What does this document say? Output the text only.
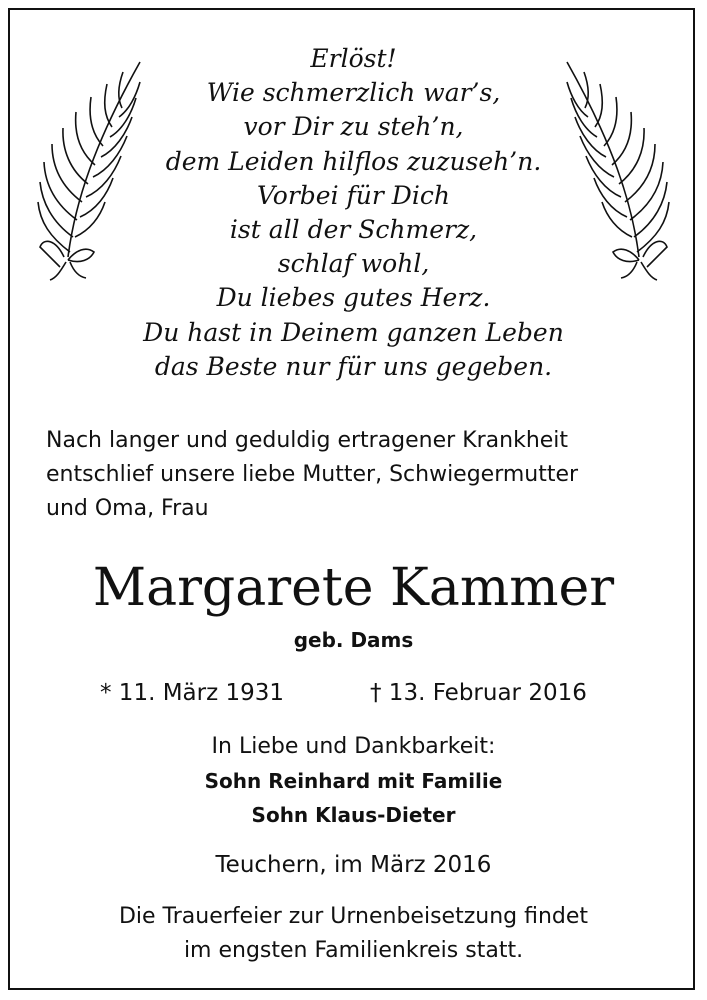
Erlöst!
Wie schmerzlich war’s,
vor Dir zu steh’n,
dem Leiden hilflos zuzuseh’n.
Vorbei für Dich
ist all der Schmerz,
schlaf wohl,
Du liebes gutes Herz.
Du hast in Deinem ganzen Leben
das Beste nur für uns gegeben.
Nach langer und geduldig ertragener Krankheit
entschlief unsere liebe Mutter, Schwiegermutter
und Oma, Frau
Margarete Kammer
geb. Dams
* 11. März 1931	† 13. Februar 2016
In Liebe und Dankbarkeit:
Sohn Reinhard mit Familie
Sohn Klaus-Dieter
Teuchern, im März 2016
Die Trauerfeier zur Urnenbeisetzung findet
im engsten Familienkreis statt.
